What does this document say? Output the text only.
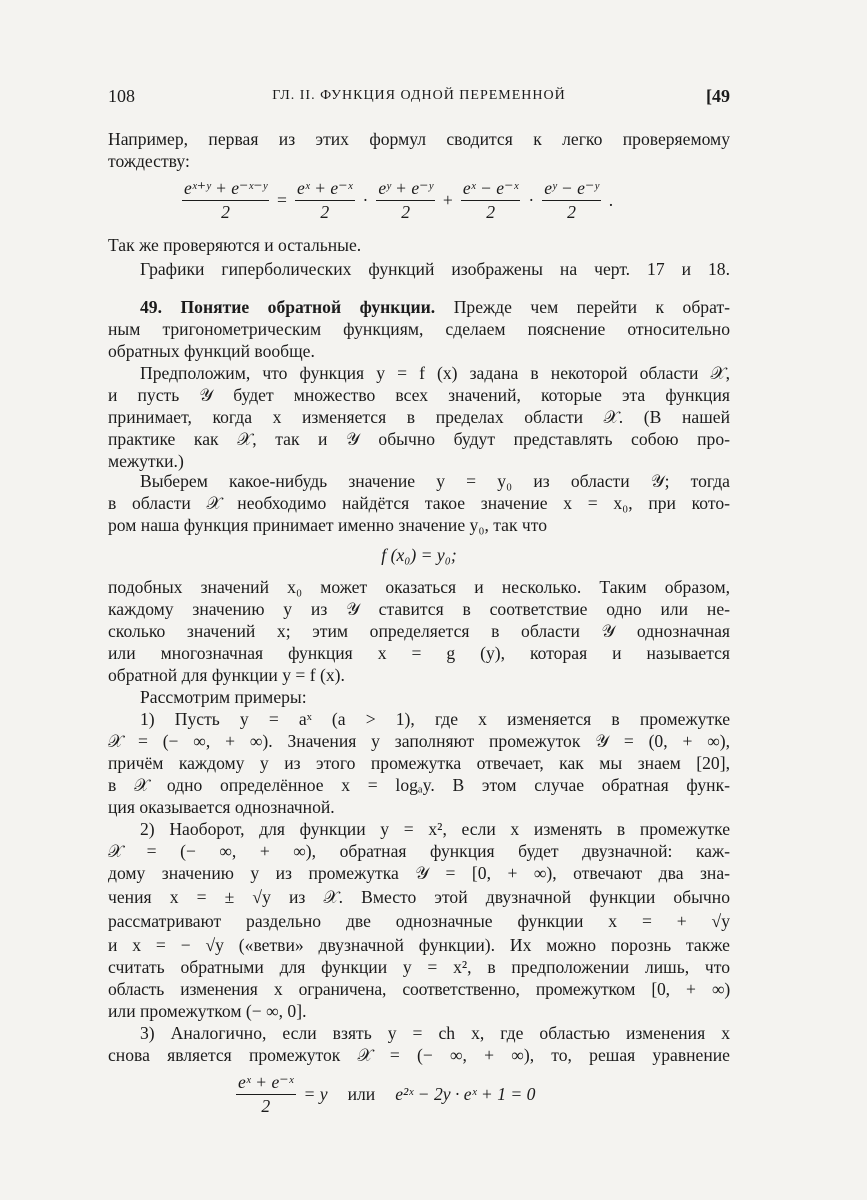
108	ГЛ. II. ФУНКЦИЯ ОДНОЙ ПЕРЕМЕННОЙ	[49
Например, первая из этих формул сводится к легко проверяемому
тождеству:
$\frac{\text{eˣ⁺ʸ + e⁻ˣ⁻ʸ}}{2} = \frac{\text{eˣ + e⁻ˣ}}{2} \cdot \frac{\text{eʸ + e⁻ʸ}}{2} + \frac{\text{eˣ − e⁻ˣ}}{2} \cdot \frac{\text{eʸ − e⁻ʸ}}{2}$ .
Так же проверяются и остальные.
Графики гиперболических функций изображены на черт. 17 и 18.
49. Понятие обратной функции. Прежде чем перейти к обрат-
ным тригонометрическим функциям, сделаем пояснение относительно
обратных функций вообще.
Предположим, что функция y = f (x) задана в некоторой области 𝒳,
и пусть 𝒴 будет множество всех значений, которые эта функция
принимает, когда x изменяется в пределах области 𝒳. (В нашей
практике как 𝒳, так и 𝒴 обычно будут представлять собою про-
межутки.)
Выберем какое-нибудь значение y = y₀ из области 𝒴; тогда
в области 𝒳 необходимо найдётся такое значение x = x₀, при кото-
ром наша функция принимает именно значение y₀, так что
f (x₀) = y₀;
подобных значений x₀ может оказаться и несколько. Таким образом,
каждому значению y из 𝒴 ставится в соответствие одно или не-
сколько значений x; этим определяется в области 𝒴 однозначная
или многозначная функция x = g (y), которая и называется
обратной для функции y = f (x).
Рассмотрим примеры:
1) Пусть y = aˣ (a > 1), где x изменяется в промежутке
𝒳 = (− ∞, + ∞). Значения y заполняют промежуток 𝒴 = (0, + ∞),
причём каждому y из этого промежутка отвечает, как мы знаем [20],
в 𝒳 одно определённое x = logₐy. В этом случае обратная функ-
ция оказывается однозначной.
2) Наоборот, для функции y = x², если x изменять в промежутке
𝒳 = (− ∞, + ∞), обратная функция будет двузначной: каж-
дому значению y из промежутка 𝒴 = [0, + ∞), отвечают два зна-
чения x = ± √y из 𝒳. Вместо этой двузначной функции обычно
рассматривают раздельно две однозначные функции x = + √y
и x = − √y («ветви» двузначной функции). Их можно порознь также
считать обратными для функции y = x², в предположении лишь, что
область изменения x ограничена, соответственно, промежутком [0, + ∞)
или промежутком (− ∞, 0].
3) Аналогично, если взять y = ch x, где областью изменения x
снова является промежуток 𝒳 = (− ∞, + ∞), то, решая уравнение
$\frac{\text{eˣ + e⁻ˣ}}{2} = y$ или e²ˣ − 2y · eˣ + 1 = 0
